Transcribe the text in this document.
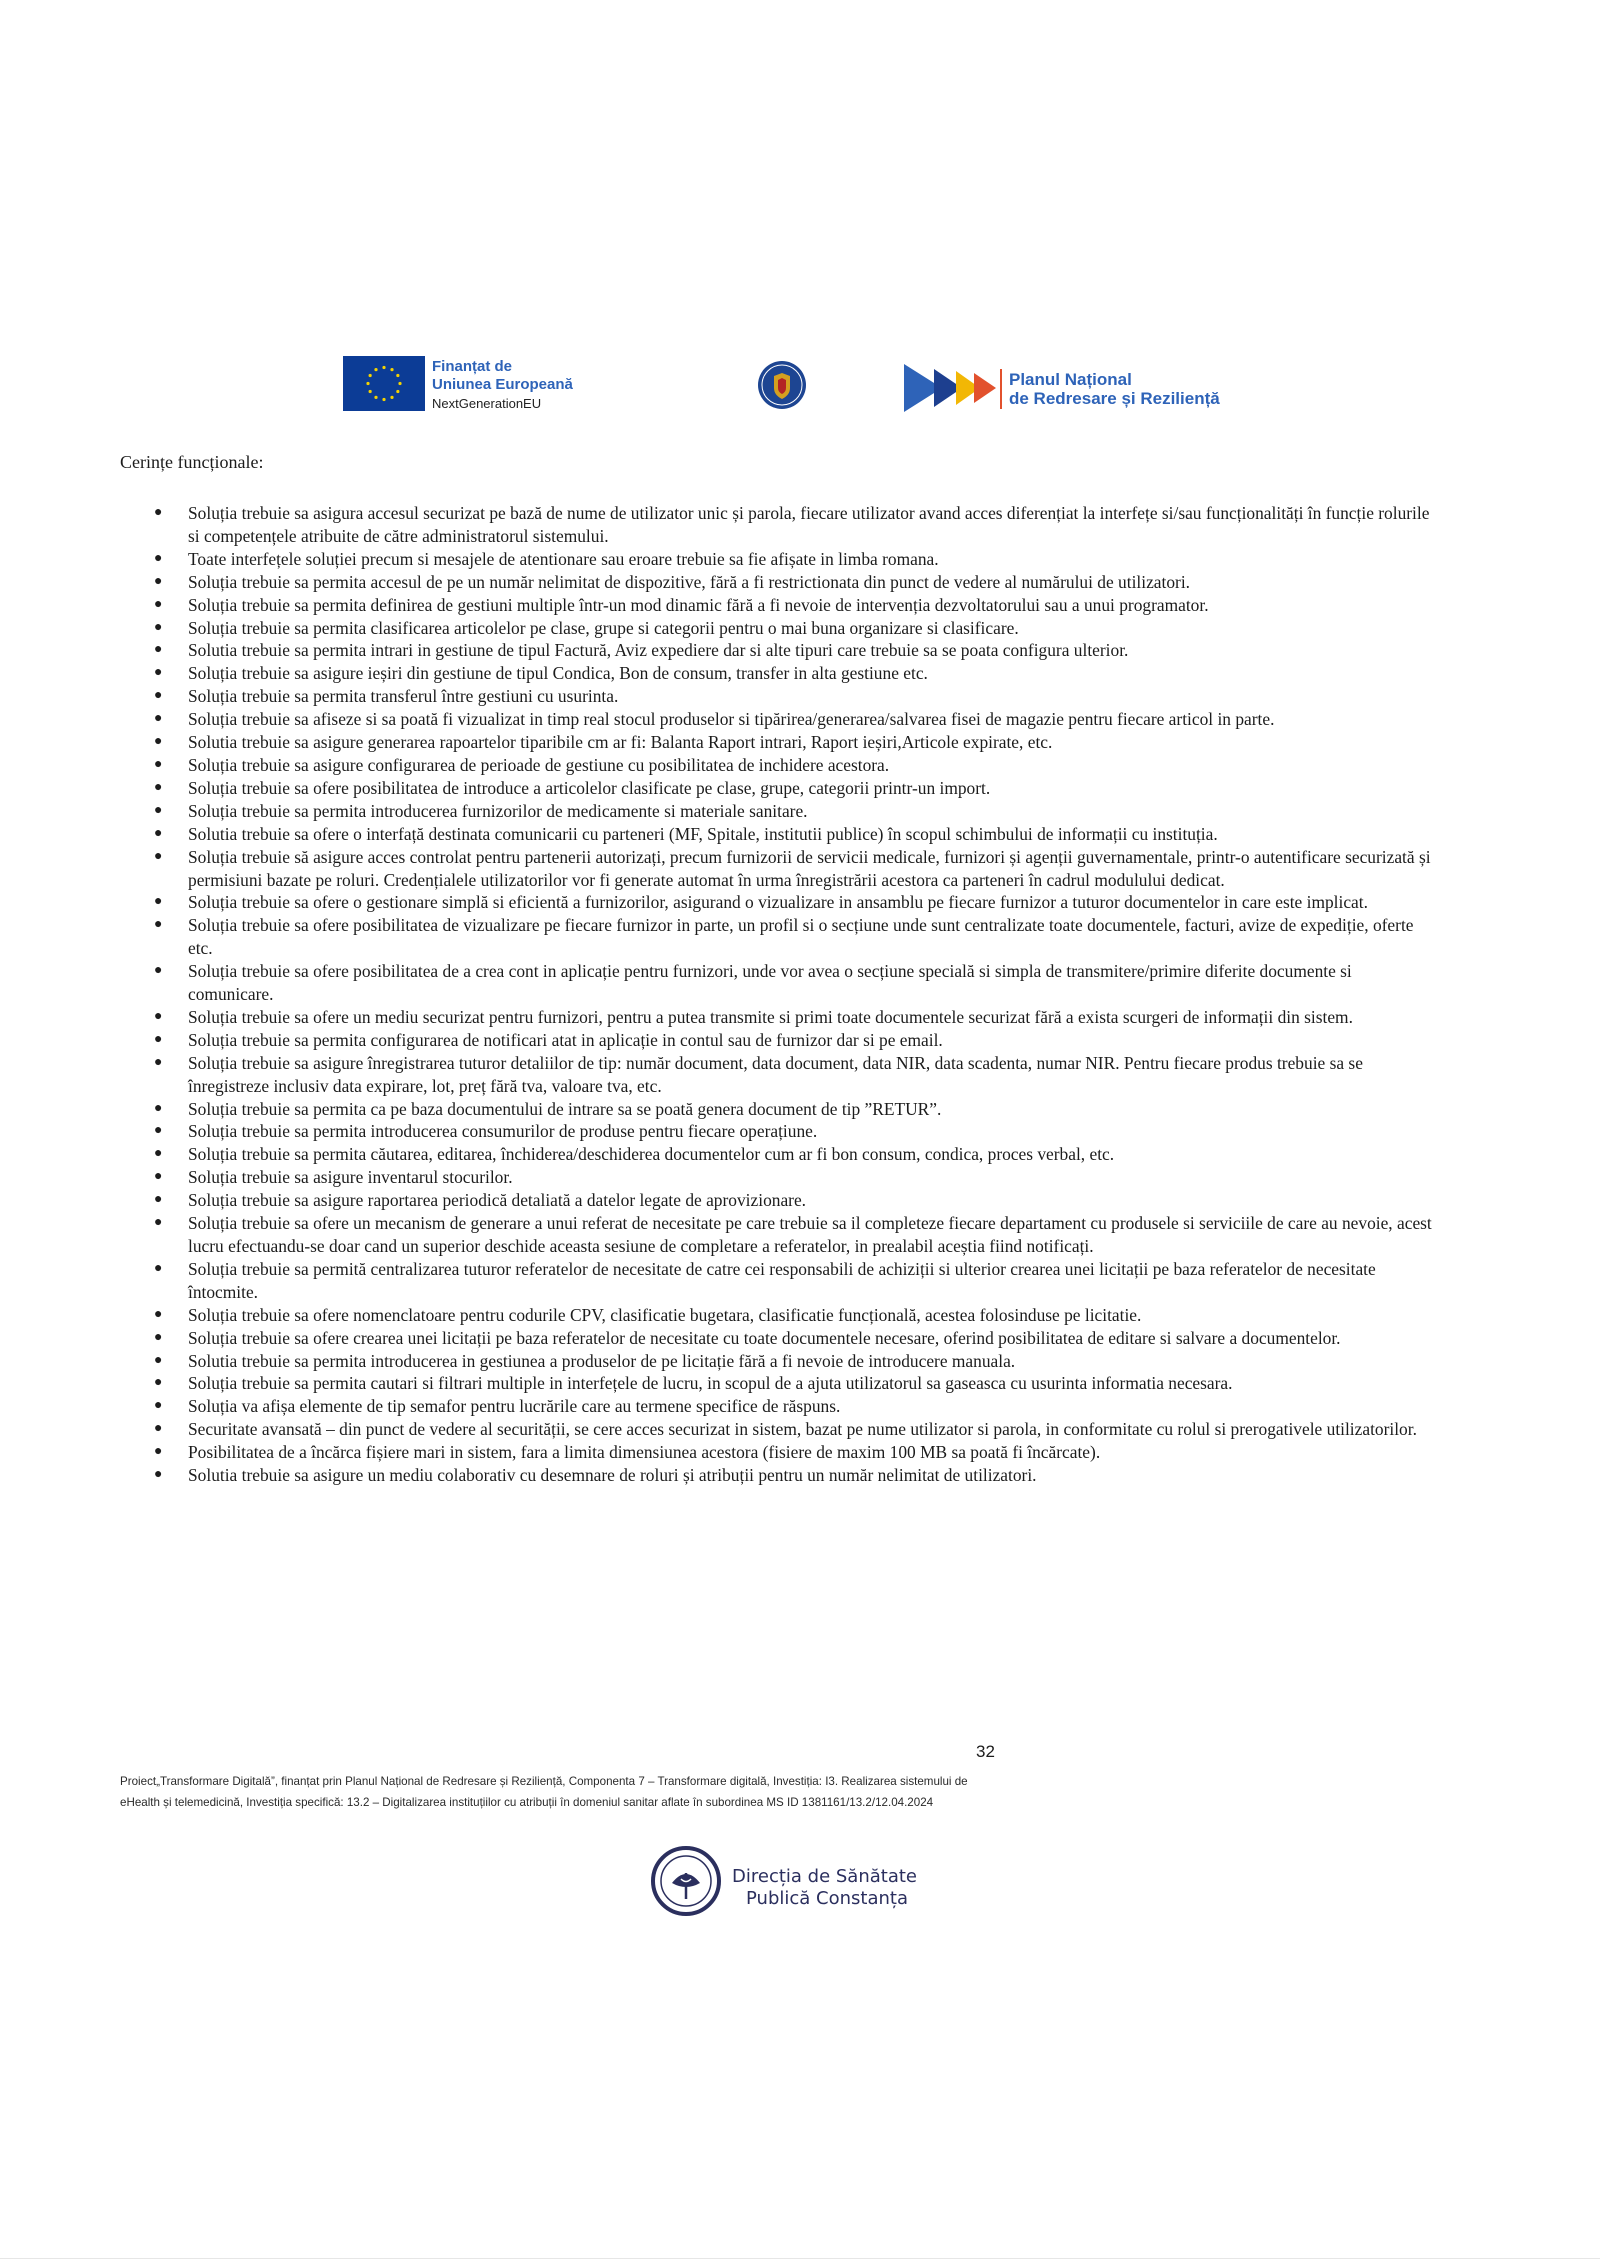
Finanțat de
Uniunea Europeană
NextGenerationEU
Planul Național
de Redresare și Reziliență
Cerințe funcționale:
● Soluția trebuie sa asigura accesul securizat pe bază de nume de utilizator unic și parola, fiecare utilizator avand acces diferențiat la interfețe si/sau funcționalități în funcție rolurile si competențele atribuite de către administratorul sistemului.
● Toate interfețele soluției precum si mesajele de atentionare sau eroare trebuie sa fie afișate in limba romana.
● Soluția trebuie sa permita accesul de pe un număr nelimitat de dispozitive, fără a fi restrictionata din punct de vedere al numărului de utilizatori.
● Soluția trebuie sa permita definirea de gestiuni multiple într-un mod dinamic fără a fi nevoie de intervenția dezvoltatorului sau a unui programator.
● Soluția trebuie sa permita clasificarea articolelor pe clase, grupe si categorii pentru o mai buna organizare si clasificare.
● Solutia trebuie sa permita intrari in gestiune de tipul Factură, Aviz expediere dar si alte tipuri care trebuie sa se poata configura ulterior.
● Soluția trebuie sa asigure ieșiri din gestiune de tipul Condica, Bon de consum, transfer in alta gestiune etc.
● Soluția trebuie sa permita transferul între gestiuni cu usurinta.
● Soluția trebuie sa afiseze si sa poată fi vizualizat in timp real stocul produselor si tipărirea/generarea/salvarea fisei de magazie pentru fiecare articol in parte.
● Solutia trebuie sa asigure generarea rapoartelor tiparibile cm ar fi: Balanta Raport intrari, Raport ieșiri,Articole expirate, etc.
● Soluția trebuie sa asigure configurarea de perioade de gestiune cu posibilitatea de inchidere acestora.
● Soluția trebuie sa ofere posibilitatea de introduce a articolelor clasificate pe clase, grupe, categorii printr-un import.
● Soluția trebuie sa permita introducerea furnizorilor de medicamente si materiale sanitare.
● Solutia trebuie sa ofere o interfață destinata comunicarii cu parteneri (MF, Spitale, institutii publice) în scopul schimbului de informații cu instituția.
● Soluția trebuie să asigure acces controlat pentru partenerii autorizați, precum furnizorii de servicii medicale, furnizori și agenții guvernamentale, printr-o autentificare securizată și permisiuni bazate pe roluri. Credențialele utilizatorilor vor fi generate automat în urma înregistrării acestora ca parteneri în cadrul modulului dedicat.
● Soluția trebuie sa ofere o gestionare simplă si eficientă a furnizorilor, asigurand o vizualizare in ansamblu pe fiecare furnizor a tuturor documentelor in care este implicat.
● Soluția trebuie sa ofere posibilitatea de vizualizare pe fiecare furnizor in parte, un profil si o secțiune unde sunt centralizate toate documentele, facturi, avize de expediție, oferte etc.
● Soluția trebuie sa ofere posibilitatea de a crea cont in aplicație pentru furnizori, unde vor avea o secțiune specială si simpla de transmitere/primire diferite documente si comunicare.
● Soluția trebuie sa ofere un mediu securizat pentru furnizori, pentru a putea transmite si primi toate documentele securizat fără a exista scurgeri de informații din sistem.
● Soluția trebuie sa permita configurarea de notificari atat in aplicație in contul sau de furnizor dar si pe email.
● Soluția trebuie sa asigure înregistrarea tuturor detaliilor de tip: număr document, data document, data NIR, data scadenta, numar NIR. Pentru fiecare produs trebuie sa se înregistreze inclusiv data expirare, lot, preț fără tva, valoare tva, etc.
● Soluția trebuie sa permita ca pe baza documentului de intrare sa se poată genera document de tip ”RETUR”.
● Soluția trebuie sa permita introducerea consumurilor de produse pentru fiecare operațiune.
● Soluția trebuie sa permita căutarea, editarea, închiderea/deschiderea documentelor cum ar fi bon consum, condica, proces verbal, etc.
● Soluția trebuie sa asigure inventarul stocurilor.
● Soluția trebuie sa asigure raportarea periodică detaliată a datelor legate de aprovizionare.
● Soluția trebuie sa ofere un mecanism de generare a unui referat de necesitate pe care trebuie sa il completeze fiecare departament cu produsele si serviciile de care au nevoie, acest lucru efectuandu-se doar cand un superior deschide aceasta sesiune de completare a referatelor, in prealabil aceștia fiind notificați.
● Soluția trebuie sa permită centralizarea tuturor referatelor de necesitate de catre cei responsabili de achiziții si ulterior crearea unei licitații pe baza referatelor de necesitate întocmite.
● Soluția trebuie sa ofere nomenclatoare pentru codurile CPV, clasificatie bugetara, clasificatie funcțională, acestea folosinduse pe licitatie.
● Soluția trebuie sa ofere crearea unei licitații pe baza referatelor de necesitate cu toate documentele necesare, oferind posibilitatea de editare si salvare a documentelor.
● Solutia trebuie sa permita introducerea in gestiunea a produselor de pe licitație fără a fi nevoie de introducere manuala.
● Soluția trebuie sa permita cautari si filtrari multiple in interfețele de lucru, in scopul de a ajuta utilizatorul sa gaseasca cu usurinta informatia necesara.
● Soluția va afișa elemente de tip semafor pentru lucrările care au termene specifice de răspuns.
● Securitate avansată – din punct de vedere al securității, se cere acces securizat in sistem, bazat pe nume utilizator si parola, in conformitate cu rolul si prerogativele utilizatorilor.
● Posibilitatea de a încărca fișiere mari in sistem, fara a limita dimensiunea acestora (fisiere de maxim 100 MB sa poată fi încărcate).
● Solutia trebuie sa asigure un mediu colaborativ cu desemnare de roluri și atribuții pentru un număr nelimitat de utilizatori.
32
Proiect„Transformare Digitală”, finanțat prin Planul Național de Redresare și Reziliență, Componenta 7 – Transformare digitală, Investiția: I3. Realizarea sistemului de eHealth și telemedicină, Investiția specifică: 13.2 – Digitalizarea instituțiilor cu atribuții în domeniul sanitar aflate în subordinea MS ID 1381161/13.2/12.04.2024
Direcția de Sănătate
Publică Constanța
